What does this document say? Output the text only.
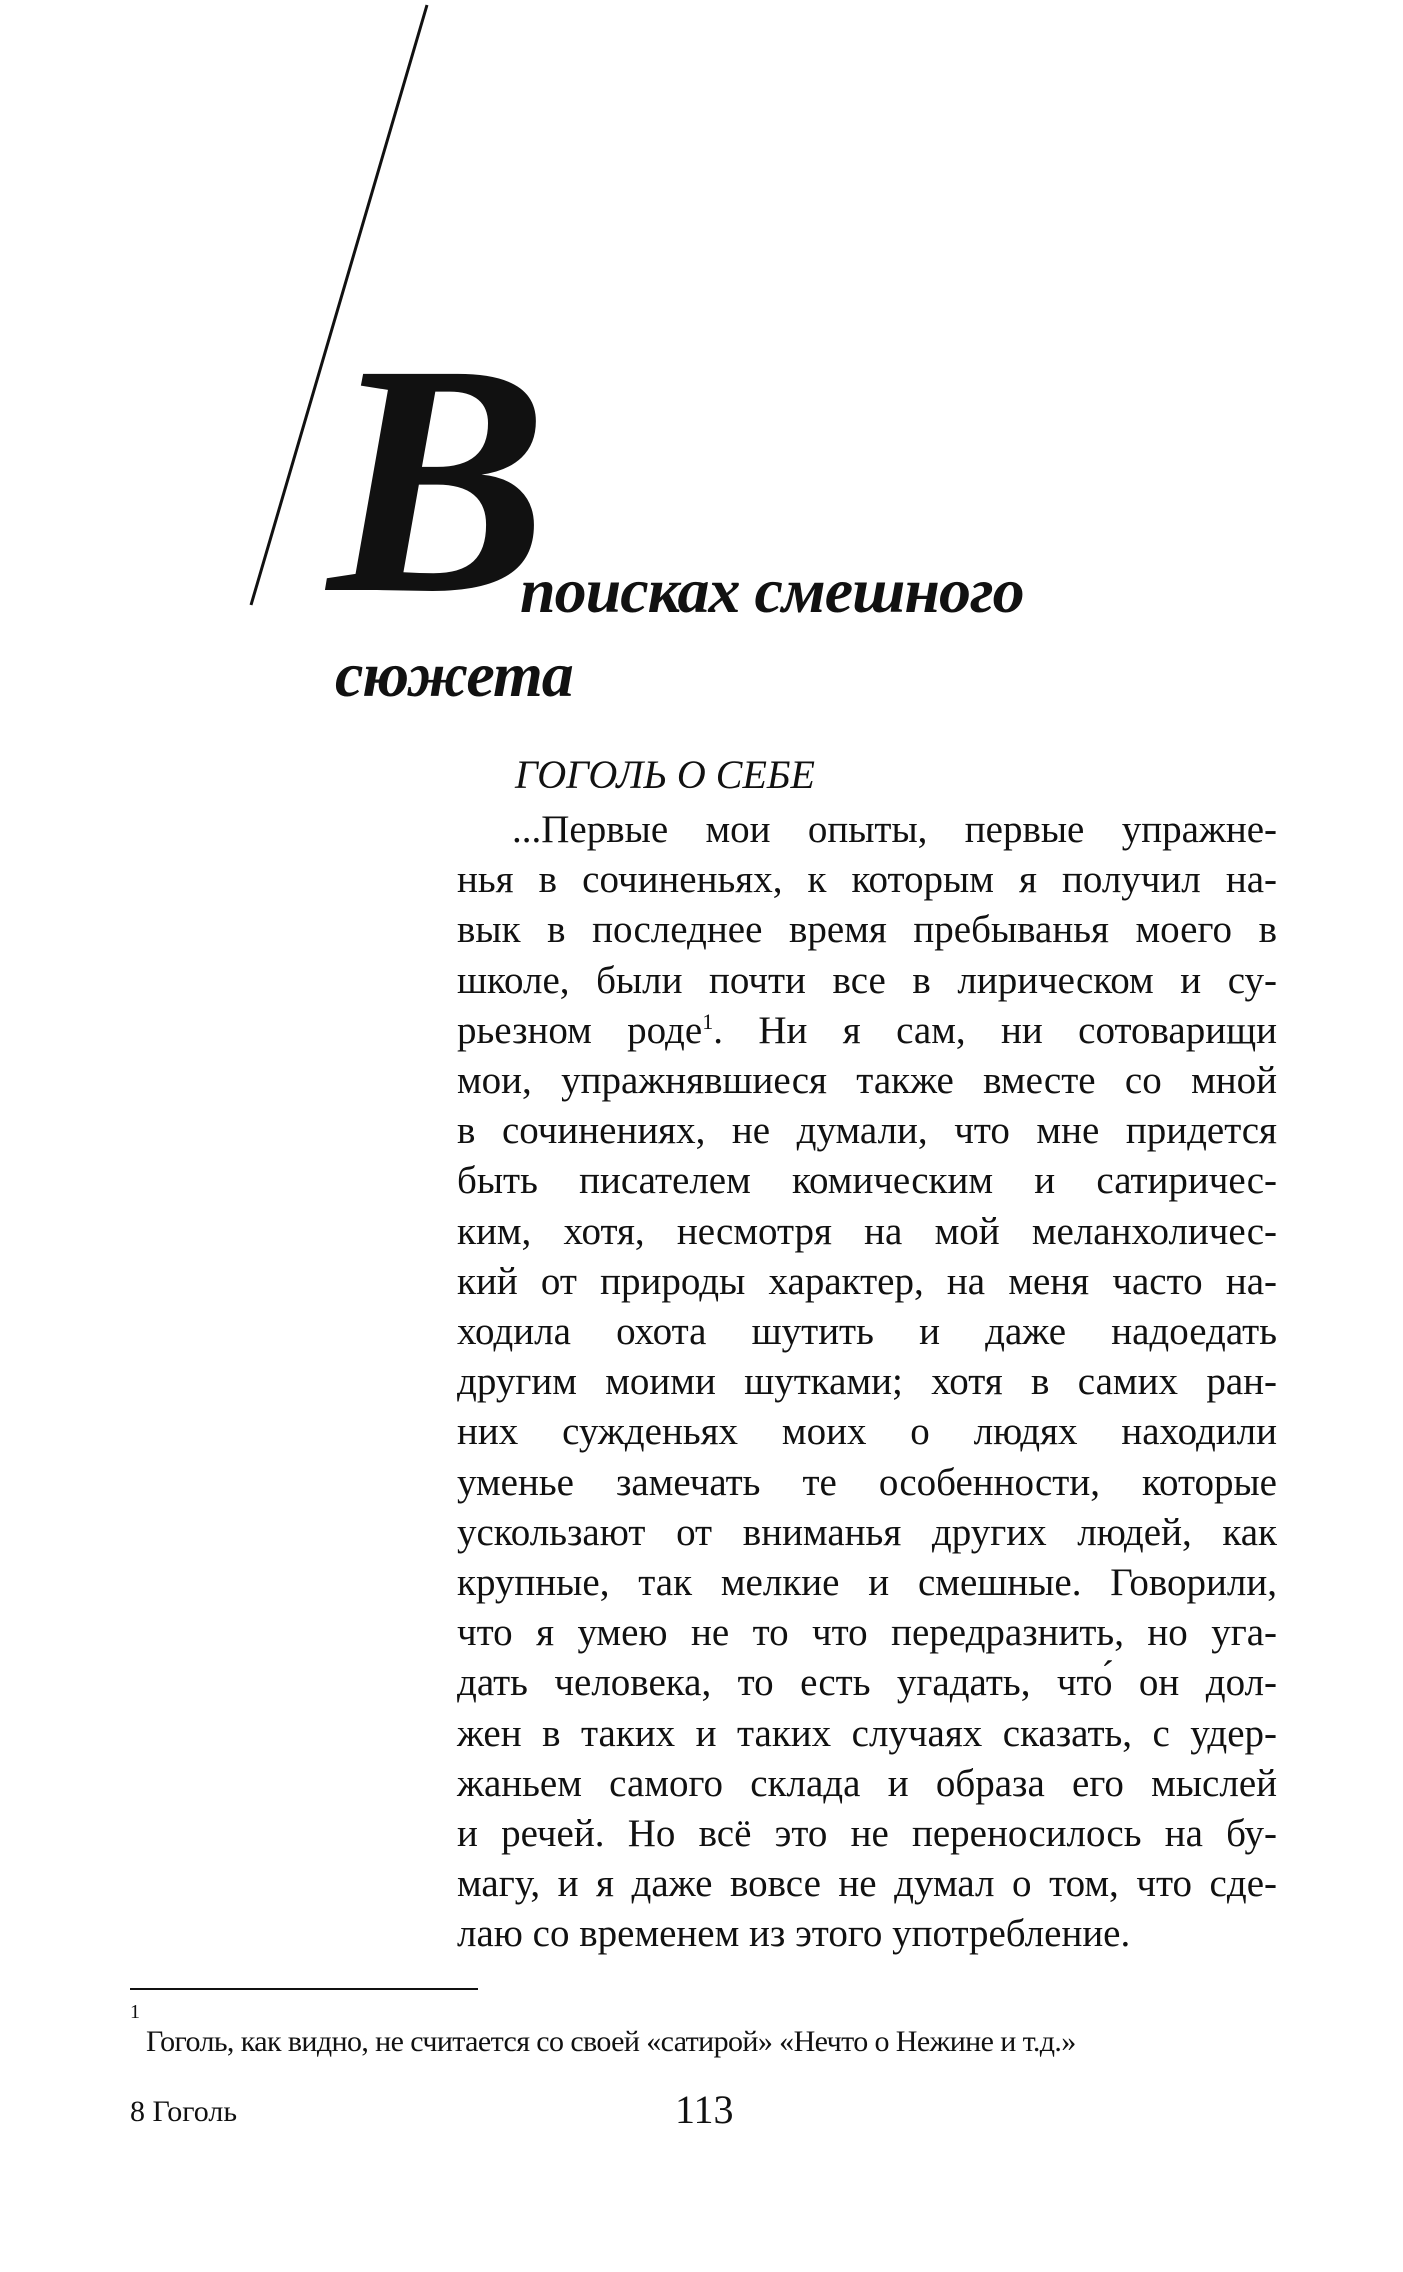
В
поисках смешного
сюжета
ГОГОЛЬ О СЕБЕ
...Первые мои опыты, первые упражне-
нья в сочиненьях, к которым я получил на-
вык в последнее время пребыванья моего в
школе, были почти все в лирическом и су-
рьезном роде$^1$. Ни я сам, ни сотоварищи
мои, упражнявшиеся также вместе со мной
в сочинениях, не думали, что мне придется
быть писателем комическим и сатиричес-
ким, хотя, несмотря на мой меланхоличес-
кий от природы характер, на меня часто на-
ходила охота шутить и даже надоедать
другим моими шутками; хотя в самих ран-
них сужденьях моих о людях находили
уменье замечать те особенности, которые
ускользают от вниманья других людей, как
крупные, так мелкие и смешные. Говорили,
что я умею не то что передразнить, но уга-
дать человека, то есть угадать, что́ он дол-
жен в таких и таких случаях сказать, с удер-
жаньем самого склада и образа его мыслей
и речей. Но всё это не переносилось на бу-
магу, и я даже вовсе не думал о том, что сде-
лаю со временем из этого употребление.
1
Гоголь, как видно, не считается со своей «сатирой» «Нечто о Нежине и т.д.»
8 Гоголь	113
